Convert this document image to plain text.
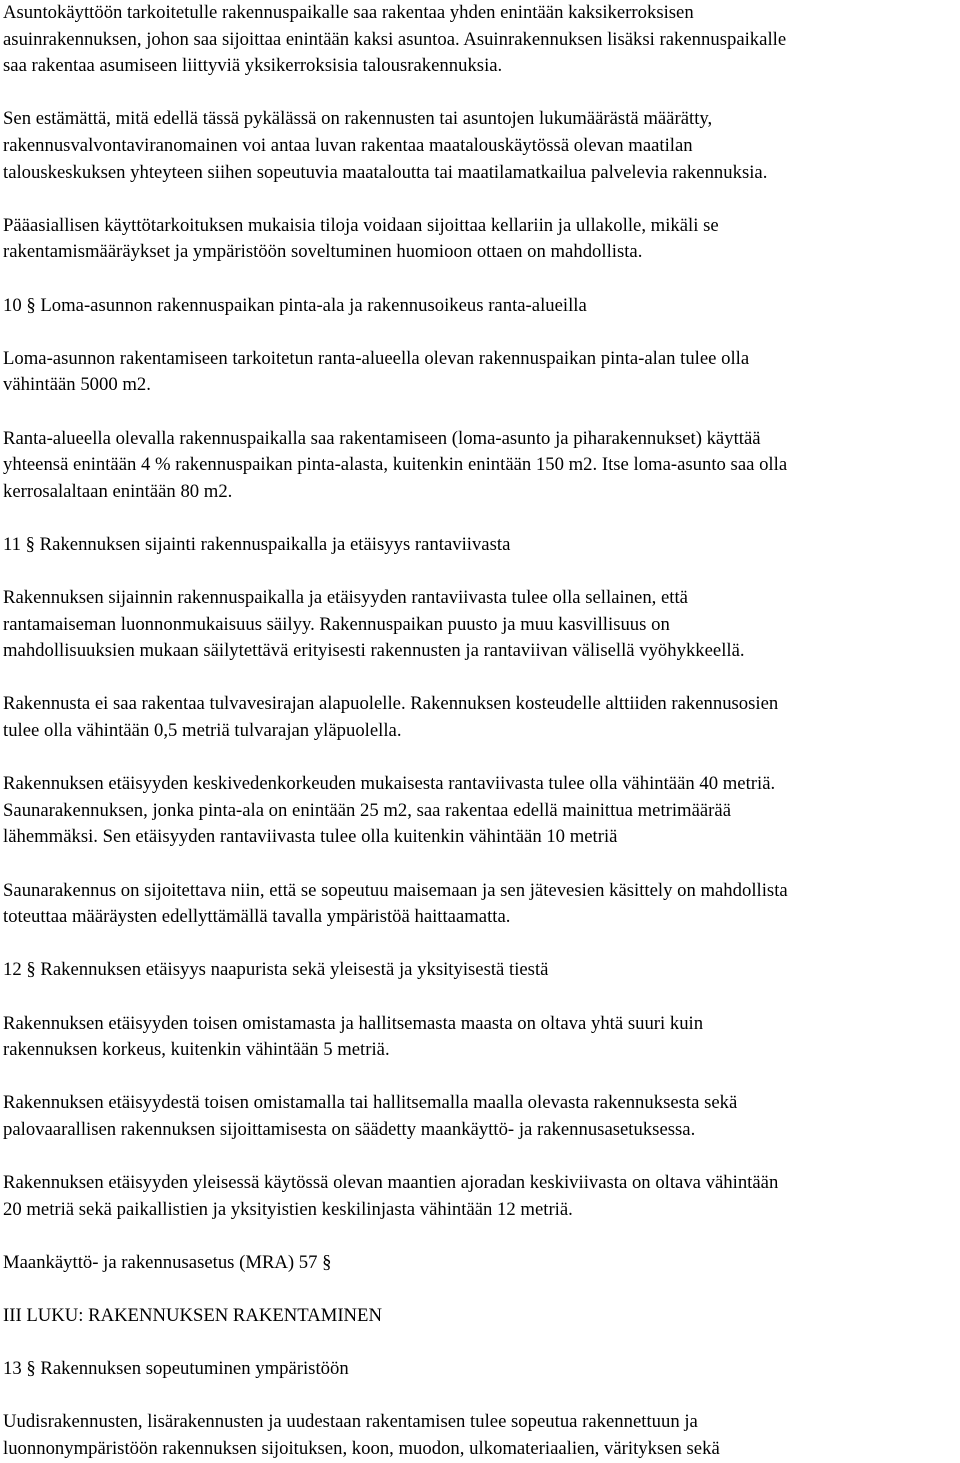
Asuntokäyttöön tarkoitetulle rakennuspaikalle saa rakentaa yhden enintään kaksikerroksisen
asuinrakennuksen, johon saa sijoittaa enintään kaksi asuntoa. Asuinrakennuksen lisäksi rakennuspaikalle
saa rakentaa asumiseen liittyviä yksikerroksisia talousrakennuksia.

Sen estämättä, mitä edellä tässä pykälässä on rakennusten tai asuntojen lukumäärästä määrätty,
rakennusvalvontaviranomainen voi antaa luvan rakentaa maatalouskäytössä olevan maatilan
talouskeskuksen yhteyteen siihen sopeutuvia maataloutta tai maatilamatkailua palvelevia rakennuksia.

Pääasiallisen käyttötarkoituksen mukaisia tiloja voidaan sijoittaa kellariin ja ullakolle, mikäli se
rakentamismääräykset ja ympäristöön soveltuminen huomioon ottaen on mahdollista.

10 § Loma-asunnon rakennuspaikan pinta-ala ja rakennusoikeus ranta-alueilla

Loma-asunnon rakentamiseen tarkoitetun ranta-alueella olevan rakennuspaikan pinta-alan tulee olla
vähintään 5000 m2.

Ranta-alueella olevalla rakennuspaikalla saa rakentamiseen (loma-asunto ja piharakennukset) käyttää
yhteensä enintään 4 % rakennuspaikan pinta-alasta, kuitenkin enintään 150 m2. Itse loma-asunto saa olla
kerrosalaltaan enintään 80 m2.

11 § Rakennuksen sijainti rakennuspaikalla ja etäisyys rantaviivasta

Rakennuksen sijainnin rakennuspaikalla ja etäisyyden rantaviivasta tulee olla sellainen, että
rantamaiseman luonnonmukaisuus säilyy. Rakennuspaikan puusto ja muu kasvillisuus on
mahdollisuuksien mukaan säilytettävä erityisesti rakennusten ja rantaviivan välisellä vyöhykkeellä.

Rakennusta ei saa rakentaa tulvavesirajan alapuolelle. Rakennuksen kosteudelle alttiiden rakennusosien
tulee olla vähintään 0,5 metriä tulvarajan yläpuolella.

Rakennuksen etäisyyden keskivedenkorkeuden mukaisesta rantaviivasta tulee olla vähintään 40 metriä.
Saunarakennuksen, jonka pinta-ala on enintään 25 m2, saa rakentaa edellä mainittua metrimäärää
lähemmäksi. Sen etäisyyden rantaviivasta tulee olla kuitenkin vähintään 10 metriä

Saunarakennus on sijoitettava niin, että se sopeutuu maisemaan ja sen jätevesien käsittely on mahdollista
toteuttaa määräysten edellyttämällä tavalla ympäristöä haittaamatta.

12 § Rakennuksen etäisyys naapurista sekä yleisestä ja yksityisestä tiestä

Rakennuksen etäisyyden toisen omistamasta ja hallitsemasta maasta on oltava yhtä suuri kuin
rakennuksen korkeus, kuitenkin vähintään 5 metriä.

Rakennuksen etäisyydestä toisen omistamalla tai hallitsemalla maalla olevasta rakennuksesta sekä
palovaarallisen rakennuksen sijoittamisesta on säädetty maankäyttö- ja rakennusasetuksessa.

Rakennuksen etäisyyden yleisessä käytössä olevan maantien ajoradan keskiviivasta on oltava vähintään
20 metriä sekä paikallistien ja yksityistien keskilinjasta vähintään 12 metriä.

Maankäyttö- ja rakennusasetus (MRA) 57 §

III LUKU: RAKENNUKSEN RAKENTAMINEN

13 § Rakennuksen sopeutuminen ympäristöön

Uudisrakennusten, lisärakennusten ja uudestaan rakentamisen tulee sopeutua rakennettuun ja
luonnonympäristöön rakennuksen sijoituksen, koon, muodon, ulkomateriaalien, värityksen sekä
